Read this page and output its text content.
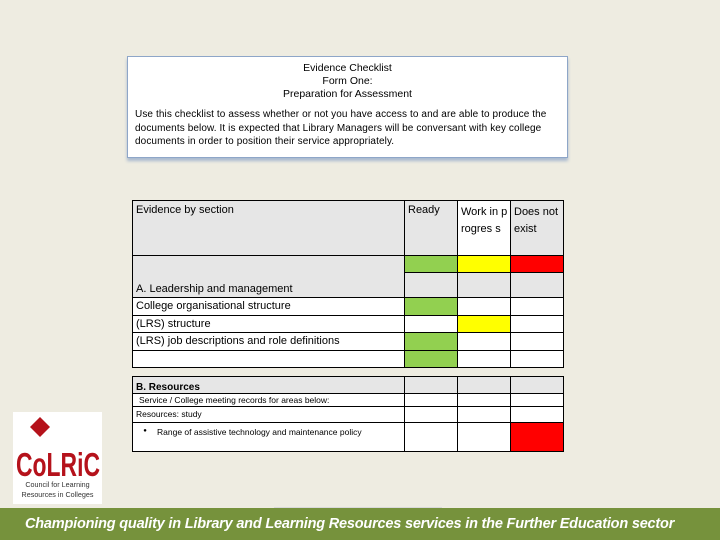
Evidence Checklist
Form One:
Preparation for Assessment
Use this checklist to assess whether or not you have access to and are able to produce the documents below. It is expected that Library Managers will be conversant with key college documents in order to position their service appropriately.
Evidence by section	Ready	Work in progres s	Does not exist

A. Leadership and management			
College organisational structure			
(LRS) structure			
(LRS) job descriptions and role definitions			

B. Resources			
Service / College meeting records for areas below:			
Resources: study			

● Range of assistive technology and maintenance policy			

CoLRiC
Council for Learning
Resources in Colleges
Championing quality in Library and Learning Resources services in the Further Education sector
